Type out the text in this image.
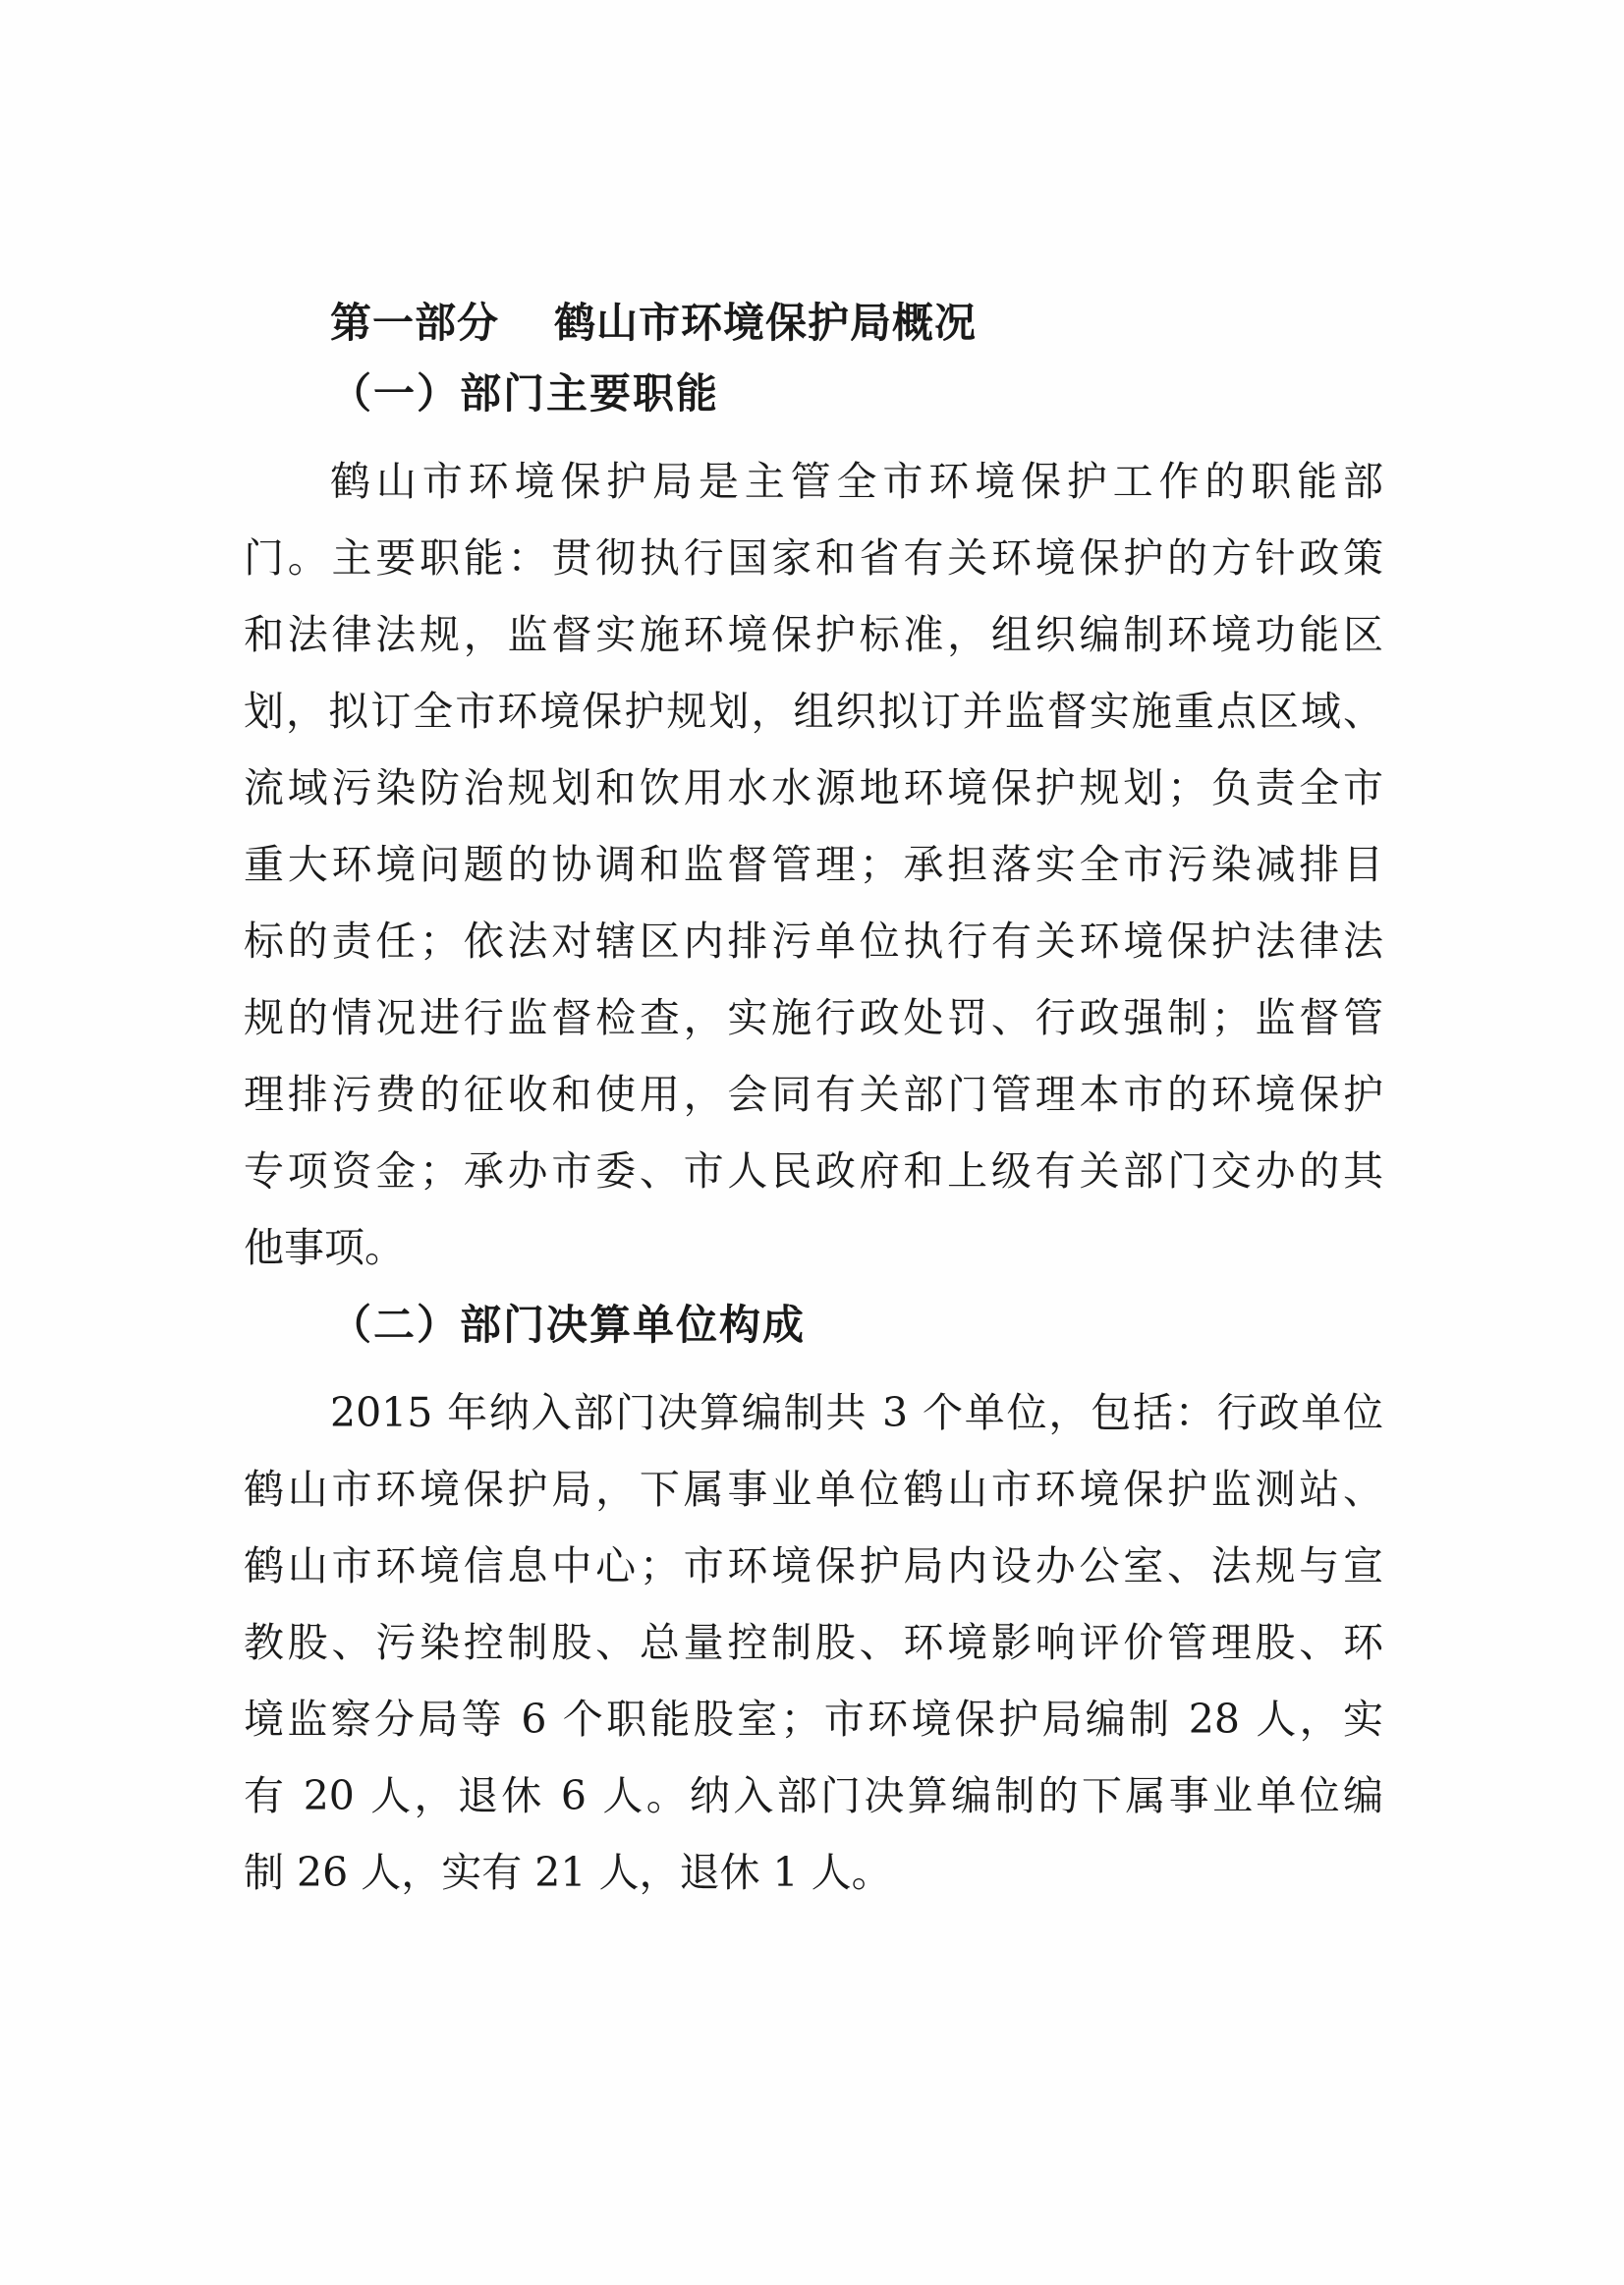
第一部分 鹤山市环境保护局概况
（一）部门主要职能
鹤山市环境保护局是主管全市环境保护工作的职能部
门。主要职能：贯彻执行国家和省有关环境保护的方针政策
和法律法规，监督实施环境保护标准，组织编制环境功能区
划，拟订全市环境保护规划，组织拟订并监督实施重点区域、
流域污染防治规划和饮用水水源地环境保护规划；负责全市
重大环境问题的协调和监督管理；承担落实全市污染减排目
标的责任；依法对辖区内排污单位执行有关环境保护法律法
规的情况进行监督检查，实施行政处罚、行政强制；监督管
理排污费的征收和使用，会同有关部门管理本市的环境保护
专项资金；承办市委、市人民政府和上级有关部门交办的其
他事项。
（二）部门决算单位构成
2015 年纳入部门决算编制共 3 个单位，包括：行政单位
鹤山市环境保护局，下属事业单位鹤山市环境保护监测站、
鹤山市环境信息中心；市环境保护局内设办公室、法规与宣
教股、污染控制股、总量控制股、环境影响评价管理股、环
境监察分局等 6 个职能股室；市环境保护局编制 28 人，实
有 20 人，退休 6 人。纳入部门决算编制的下属事业单位编
制 26 人，实有 21 人，退休 1 人。
